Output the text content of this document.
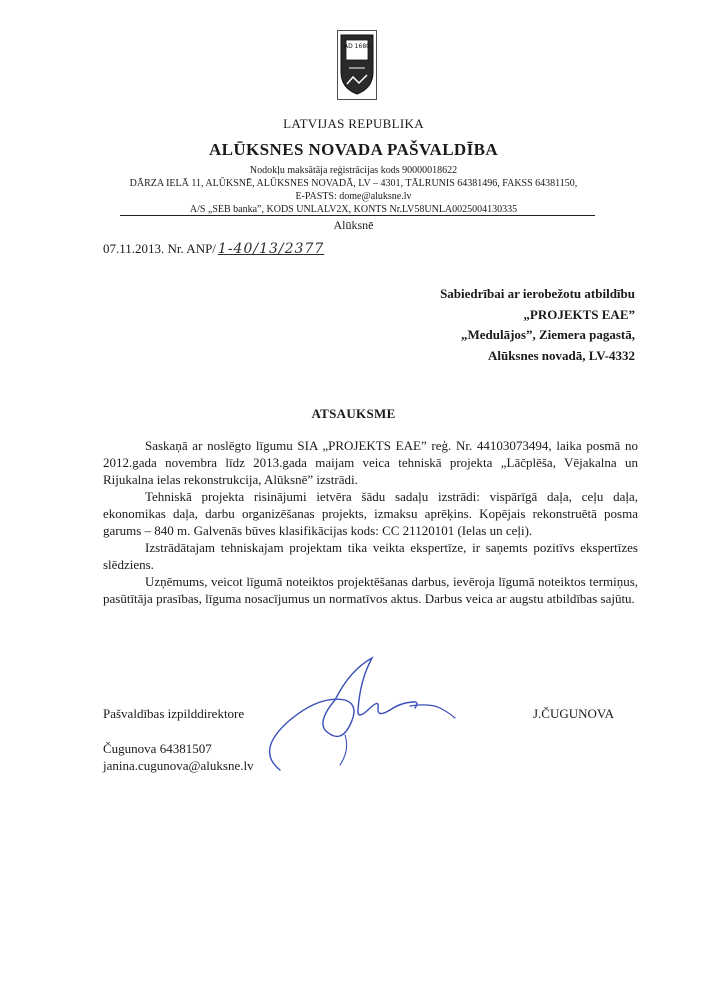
AD 1680
LATVIJAS REPUBLIKA
ALŪKSNES NOVADA PAŠVALDĪBA
Nodokļu maksātāja reģistrācijas kods 90000018622
DĀRZA IELĀ 11, ALŪKSNĒ, ALŪKSNES NOVADĀ, LV – 4301, TĀLRUNIS 64381496, FAKSS 64381150,
E-PASTS: dome@aluksne.lv
A/S „SEB banka”, KODS UNLALV2X, KONTS Nr.LV58UNLA0025004130335
Alūksnē
07.11.2013. Nr. ANP/ 1-40/13/2377
Sabiedrībai ar ierobežotu atbildību
„PROJEKTS EAE”
„Medulājos”, Ziemera pagastā,
Alūksnes novadā, LV-4332
ATSAUKSME

Saskaņā ar noslēgto līgumu SIA „PROJEKTS EAE” reģ. Nr. 44103073494, laika posmā no 2012.gada novembra līdz 2013.gada maijam veica tehniskā projekta „Lāčplēša, Vējakalna un Rijukalna ielas rekonstrukcija, Alūksnē” izstrādi.

Tehniskā projekta risinājumi ietvēra šādu sadaļu izstrādi: vispārīgā daļa, ceļu daļa, ekonomikas daļa, darbu organizēšanas projekts, izmaksu aprēķins. Kopējais rekonstruētā posma garums – 840 m. Galvenās būves klasifikācijas kods: CC 21120101 (Ielas un ceļi).

Izstrādātajam tehniskajam projektam tika veikta ekspertīze, ir saņemts pozitīvs ekspertīzes slēdziens.

Uzņēmums, veicot līgumā noteiktos projektēšanas darbus, ievēroja līgumā noteiktos termiņus, pasūtītāja prasības, līguma nosacījumus un normatīvos aktus. Darbus veica ar augstu atbildības sajūtu.

Pašvaldības izpilddirektore	J.ČUGUNOVA
Čugunova 64381507
janina.cugunova@aluksne.lv
